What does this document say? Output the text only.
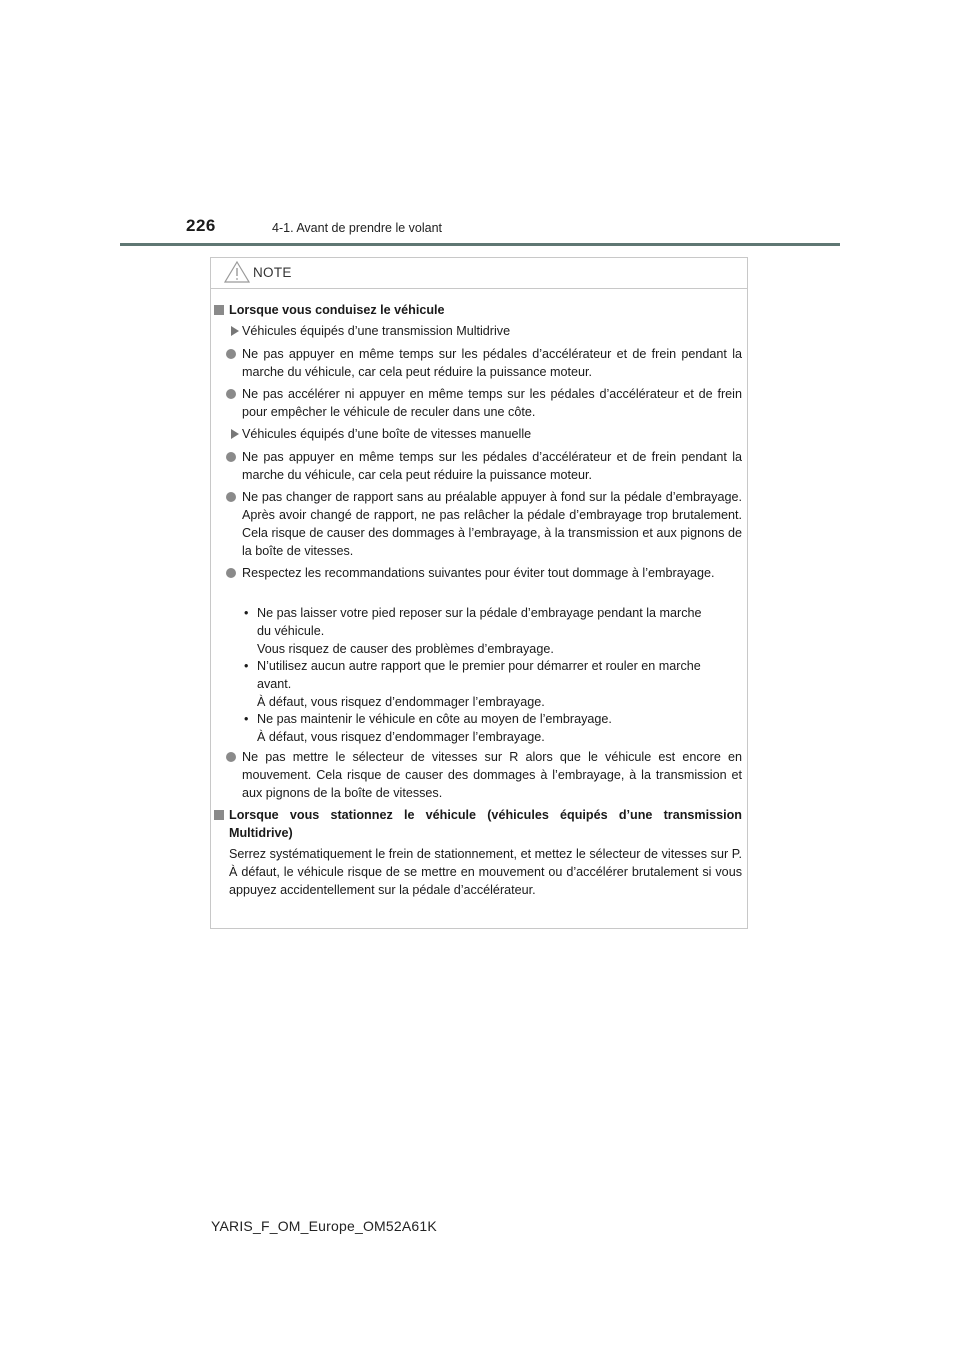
226	4-1. Avant de prendre le volant
NOTE
Lorsque vous conduisez le véhicule
Véhicules équipés d’une transmission Multidrive
Ne pas appuyer en même temps sur les pédales d’accélérateur et de frein pendant la marche du véhicule, car cela peut réduire la puissance moteur.
Ne pas accélérer ni appuyer en même temps sur les pédales d’accélérateur et de frein pour empêcher le véhicule de reculer dans une côte.
Véhicules équipés d’une boîte de vitesses manuelle
Ne pas appuyer en même temps sur les pédales d’accélérateur et de frein pendant la marche du véhicule, car cela peut réduire la puissance moteur.
Ne pas changer de rapport sans au préalable appuyer à fond sur la pédale d’embrayage. Après avoir changé de rapport, ne pas relâcher la pédale d’embrayage trop brutalement. Cela risque de causer des dommages à l’embrayage, à la transmission et aux pignons de la boîte de vitesses.
Respectez les recommandations suivantes pour éviter tout dommage à l’embrayage.
• Ne pas laisser votre pied reposer sur la pédale d’embrayage pendant la marche
du véhicule.
Vous risquez de causer des problèmes d’embrayage.
• N’utilisez aucun autre rapport que le premier pour démarrer et rouler en marche
avant.
À défaut, vous risquez d’endommager l’embrayage.
• Ne pas maintenir le véhicule en côte au moyen de l’embrayage.
À défaut, vous risquez d’endommager l’embrayage.
Ne pas mettre le sélecteur de vitesses sur R alors que le véhicule est encore en mouvement. Cela risque de causer des dommages à l’embrayage, à la transmission et aux pignons de la boîte de vitesses.
Lorsque vous stationnez le véhicule (véhicules équipés d’une transmission Multidrive)
Serrez systématiquement le frein de stationnement, et mettez le sélecteur de vitesses sur P. À défaut, le véhicule risque de se mettre en mouvement ou d’accélérer brutalement si vous appuyez accidentellement sur la pédale d’accélérateur.
YARIS_F_OM_Europe_OM52A61K
